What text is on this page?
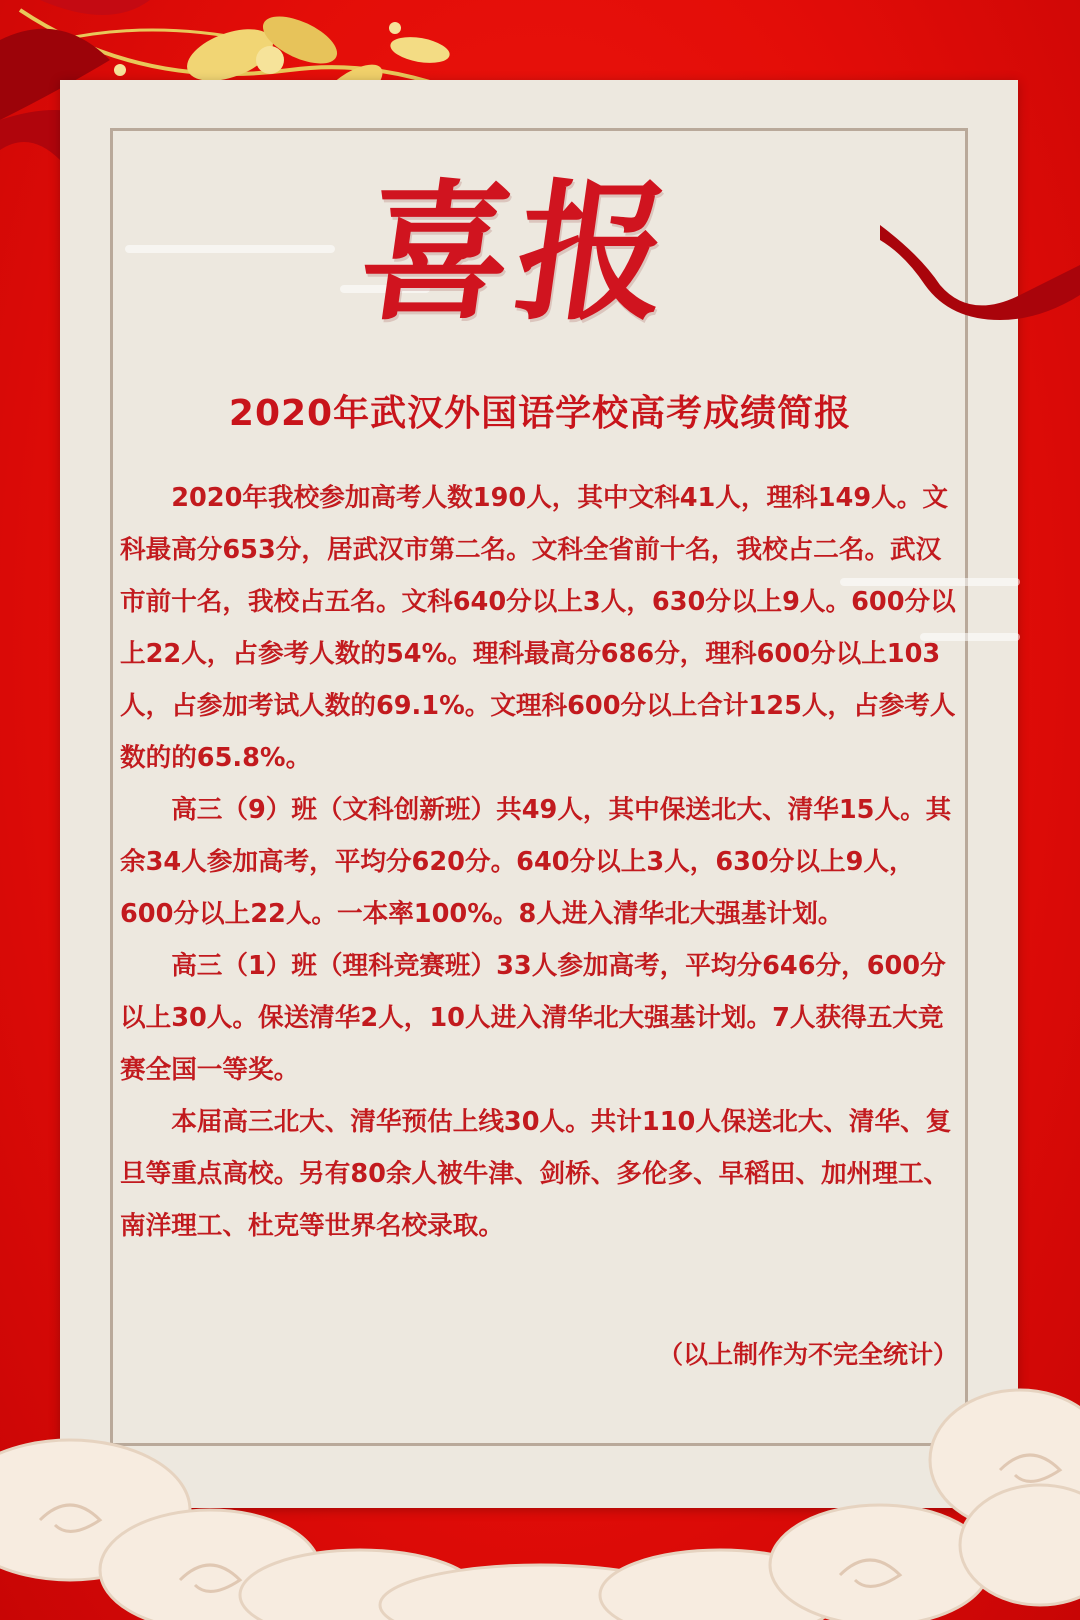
喜报
2020年武汉外国语学校高考成绩简报

2020年我校参加高考人数190人，其中文科41人，理科149人。文科最高分653分，居武汉市第二名。文科全省前十名，我校占二名。武汉市前十名，我校占五名。文科640分以上3人，630分以上9人。600分以上22人，占参考人数的54%。理科最高分686分，理科600分以上103人，占参加考试人数的69.1%。文理科600分以上合计125人，占参考人数的的65.8%。

高三（9）班（文科创新班）共49人，其中保送北大、清华15人。其余34人参加高考，平均分620分。640分以上3人，630分以上9人，600分以上22人。一本率100%。8人进入清华北大强基计划。

高三（1）班（理科竞赛班）33人参加高考，平均分646分，600分以上30人。保送清华2人，10人进入清华北大强基计划。7人获得五大竞赛全国一等奖。

本届高三北大、清华预估上线30人。共计110人保送北大、清华、复旦等重点高校。另有80余人被牛津、剑桥、多伦多、早稻田、加州理工、南洋理工、杜克等世界名校录取。

（以上制作为不完全统计）
